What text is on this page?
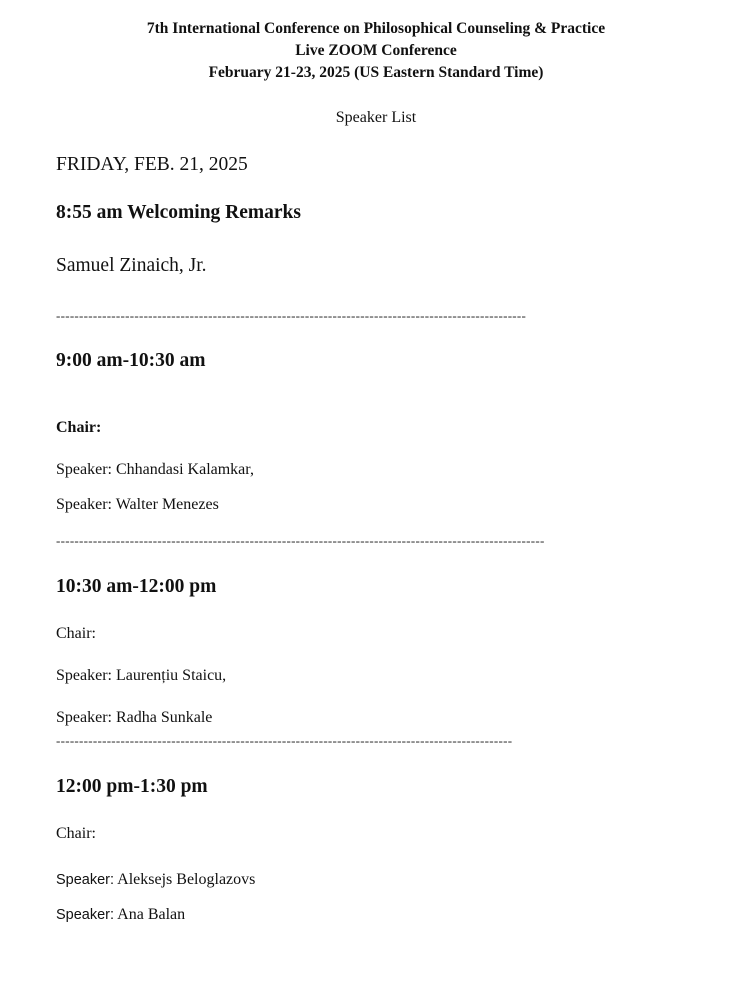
7th International Conference on Philosophical Counseling & Practice
Live ZOOM Conference
February 21-23, 2025 (US Eastern Standard Time)
Speaker List
FRIDAY, FEB. 21, 2025
8:55 am Welcoming Remarks
Samuel Zinaich, Jr.
------------------------------------------------------------------------------------------------------
9:00 am-10:30 am
Chair:
Speaker: Chhandasi Kalamkar,
Speaker: Walter Menezes
----------------------------------------------------------------------------------------------------------
10:30 am-12:00 pm
Chair:
Speaker: Laurențiu Staicu,
Speaker: Radha Sunkale
---------------------------------------------------------------------------------------------------
12:00 pm-1:30 pm
Chair:
Speaker: Aleksejs Beloglazovs
Speaker: Ana Balan
